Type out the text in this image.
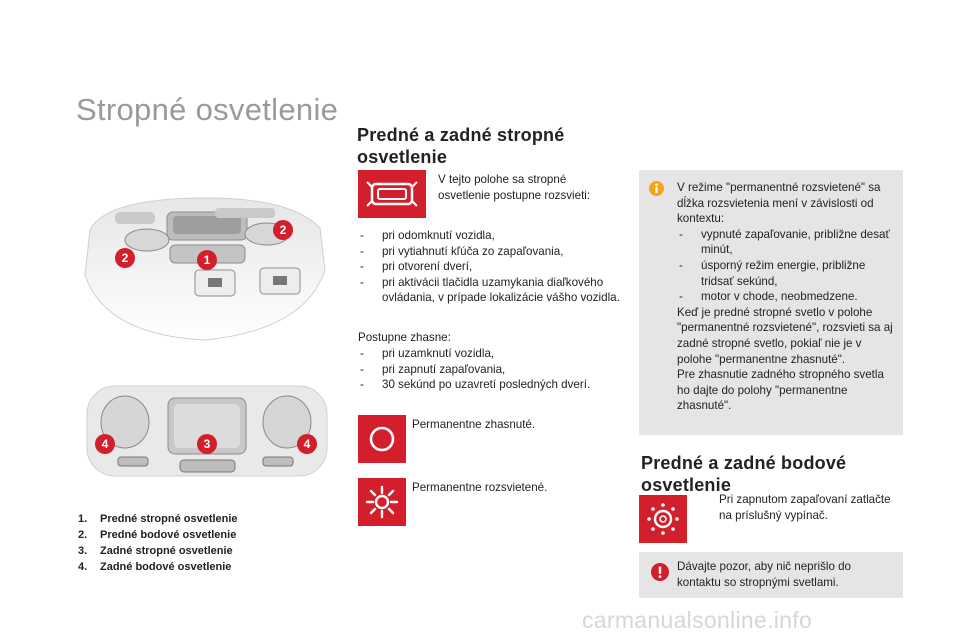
Stropné osvetlenie
1
2
2
3
4	4
1.	Predné stropné osvetlenie
2.	Predné bodové osvetlenie
3.	Zadné stropné osvetlenie
4.	Zadné bodové osvetlenie
Predné a zadné stropné
osvetlenie
V tejto polohe sa stropné
osvetlenie postupne rozsvieti:
- pri odomknutí vozidla,
- pri vytiahnutí kľúča zo zapaľovania,
- pri otvorení dverí,
- pri aktivácii tlačidla uzamykania diaľkového ovládania, v prípade lokalizácie vášho vozidla.
Postupne zhasne:
- pri uzamknutí vozidla,
- pri zapnutí zapaľovania,
- 30 sekúnd po uzavretí posledných dverí.
Permanentne zhasnuté.
Permanentne rozsvietené.
V režime "permanentné rozsvietené" sa
dĺžka rozsvietenia mení v závislosti od
kontextu:
- vypnuté zapaľovanie, približne desať minút,
- úsporný režim energie, približne tridsať sekúnd,
- motor v chode, neobmedzene.
Keď je predné stropné svetlo v polohe "permanentné rozsvietené", rozsvieti sa aj zadné stropné svetlo, pokiaľ nie je v polohe "permanentne zhasnuté".
Pre zhasnutie zadného stropného svetla ho dajte do polohy "permanentne zhasnuté".
Predné a zadné bodové
osvetlenie
Pri zapnutom zapaľovaní zatlačte na príslušný vypínač.
Dávajte pozor, aby nič neprišlo do kontaktu so stropnými svetlami.
carmanualsonline.info
